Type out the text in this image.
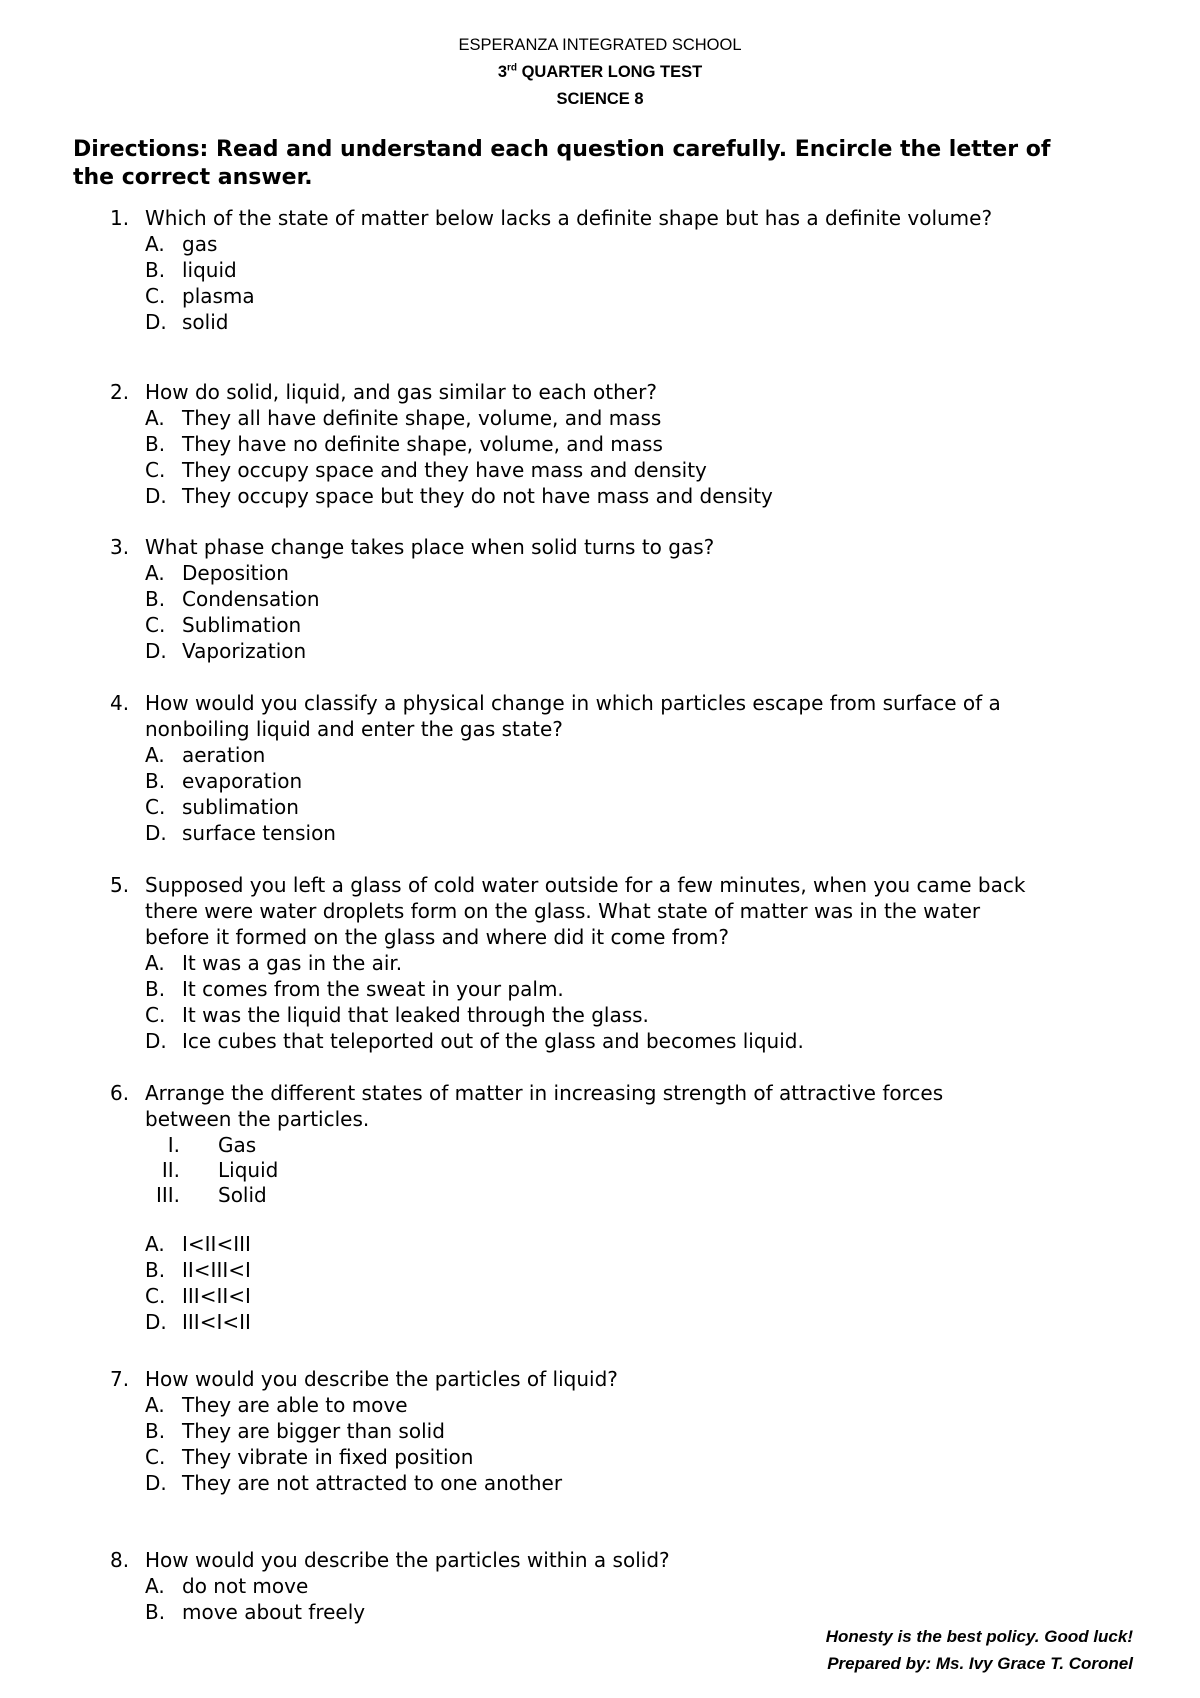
ESPERANZA INTEGRATED SCHOOL
3rd QUARTER LONG TEST
SCIENCE 8
Directions: Read and understand each question carefully. Encircle the letter of the correct answer.
1. Which of the state of matter below lacks a definite shape but has a definite volume?
A. gas
B. liquid
C. plasma
D. solid
2. How do solid, liquid, and gas similar to each other?
A. They all have definite shape, volume, and mass
B. They have no definite shape, volume, and mass
C. They occupy space and they have mass and density
D. They occupy space but they do not have mass and density
3. What phase change takes place when solid turns to gas?
A. Deposition
B. Condensation
C. Sublimation
D. Vaporization
4. How would you classify a physical change in which particles escape from surface of a
nonboiling liquid and enter the gas state?
A. aeration
B. evaporation
C. sublimation
D. surface tension
5. Supposed you left a glass of cold water outside for a few minutes, when you came back
there were water droplets form on the glass. What state of matter was in the water
before it formed on the glass and where did it come from?
A. It was a gas in the air.
B. It comes from the sweat in your palm.
C. It was the liquid that leaked through the glass.
D. Ice cubes that teleported out of the glass and becomes liquid.
6. Arrange the different states of matter in increasing strength of attractive forces
between the particles.
I. Gas
II. Liquid
III. Solid
A. I<II<III
B. II<III<I
C. III<II<I
D. III<I<II
7. How would you describe the particles of liquid?
A. They are able to move
B. They are bigger than solid
C. They vibrate in fixed position
D. They are not attracted to one another
8. How would you describe the particles within a solid?
A. do not move
B. move about freely
Honesty is the best policy. Good luck!
Prepared by: Ms. Ivy Grace T. Coronel
